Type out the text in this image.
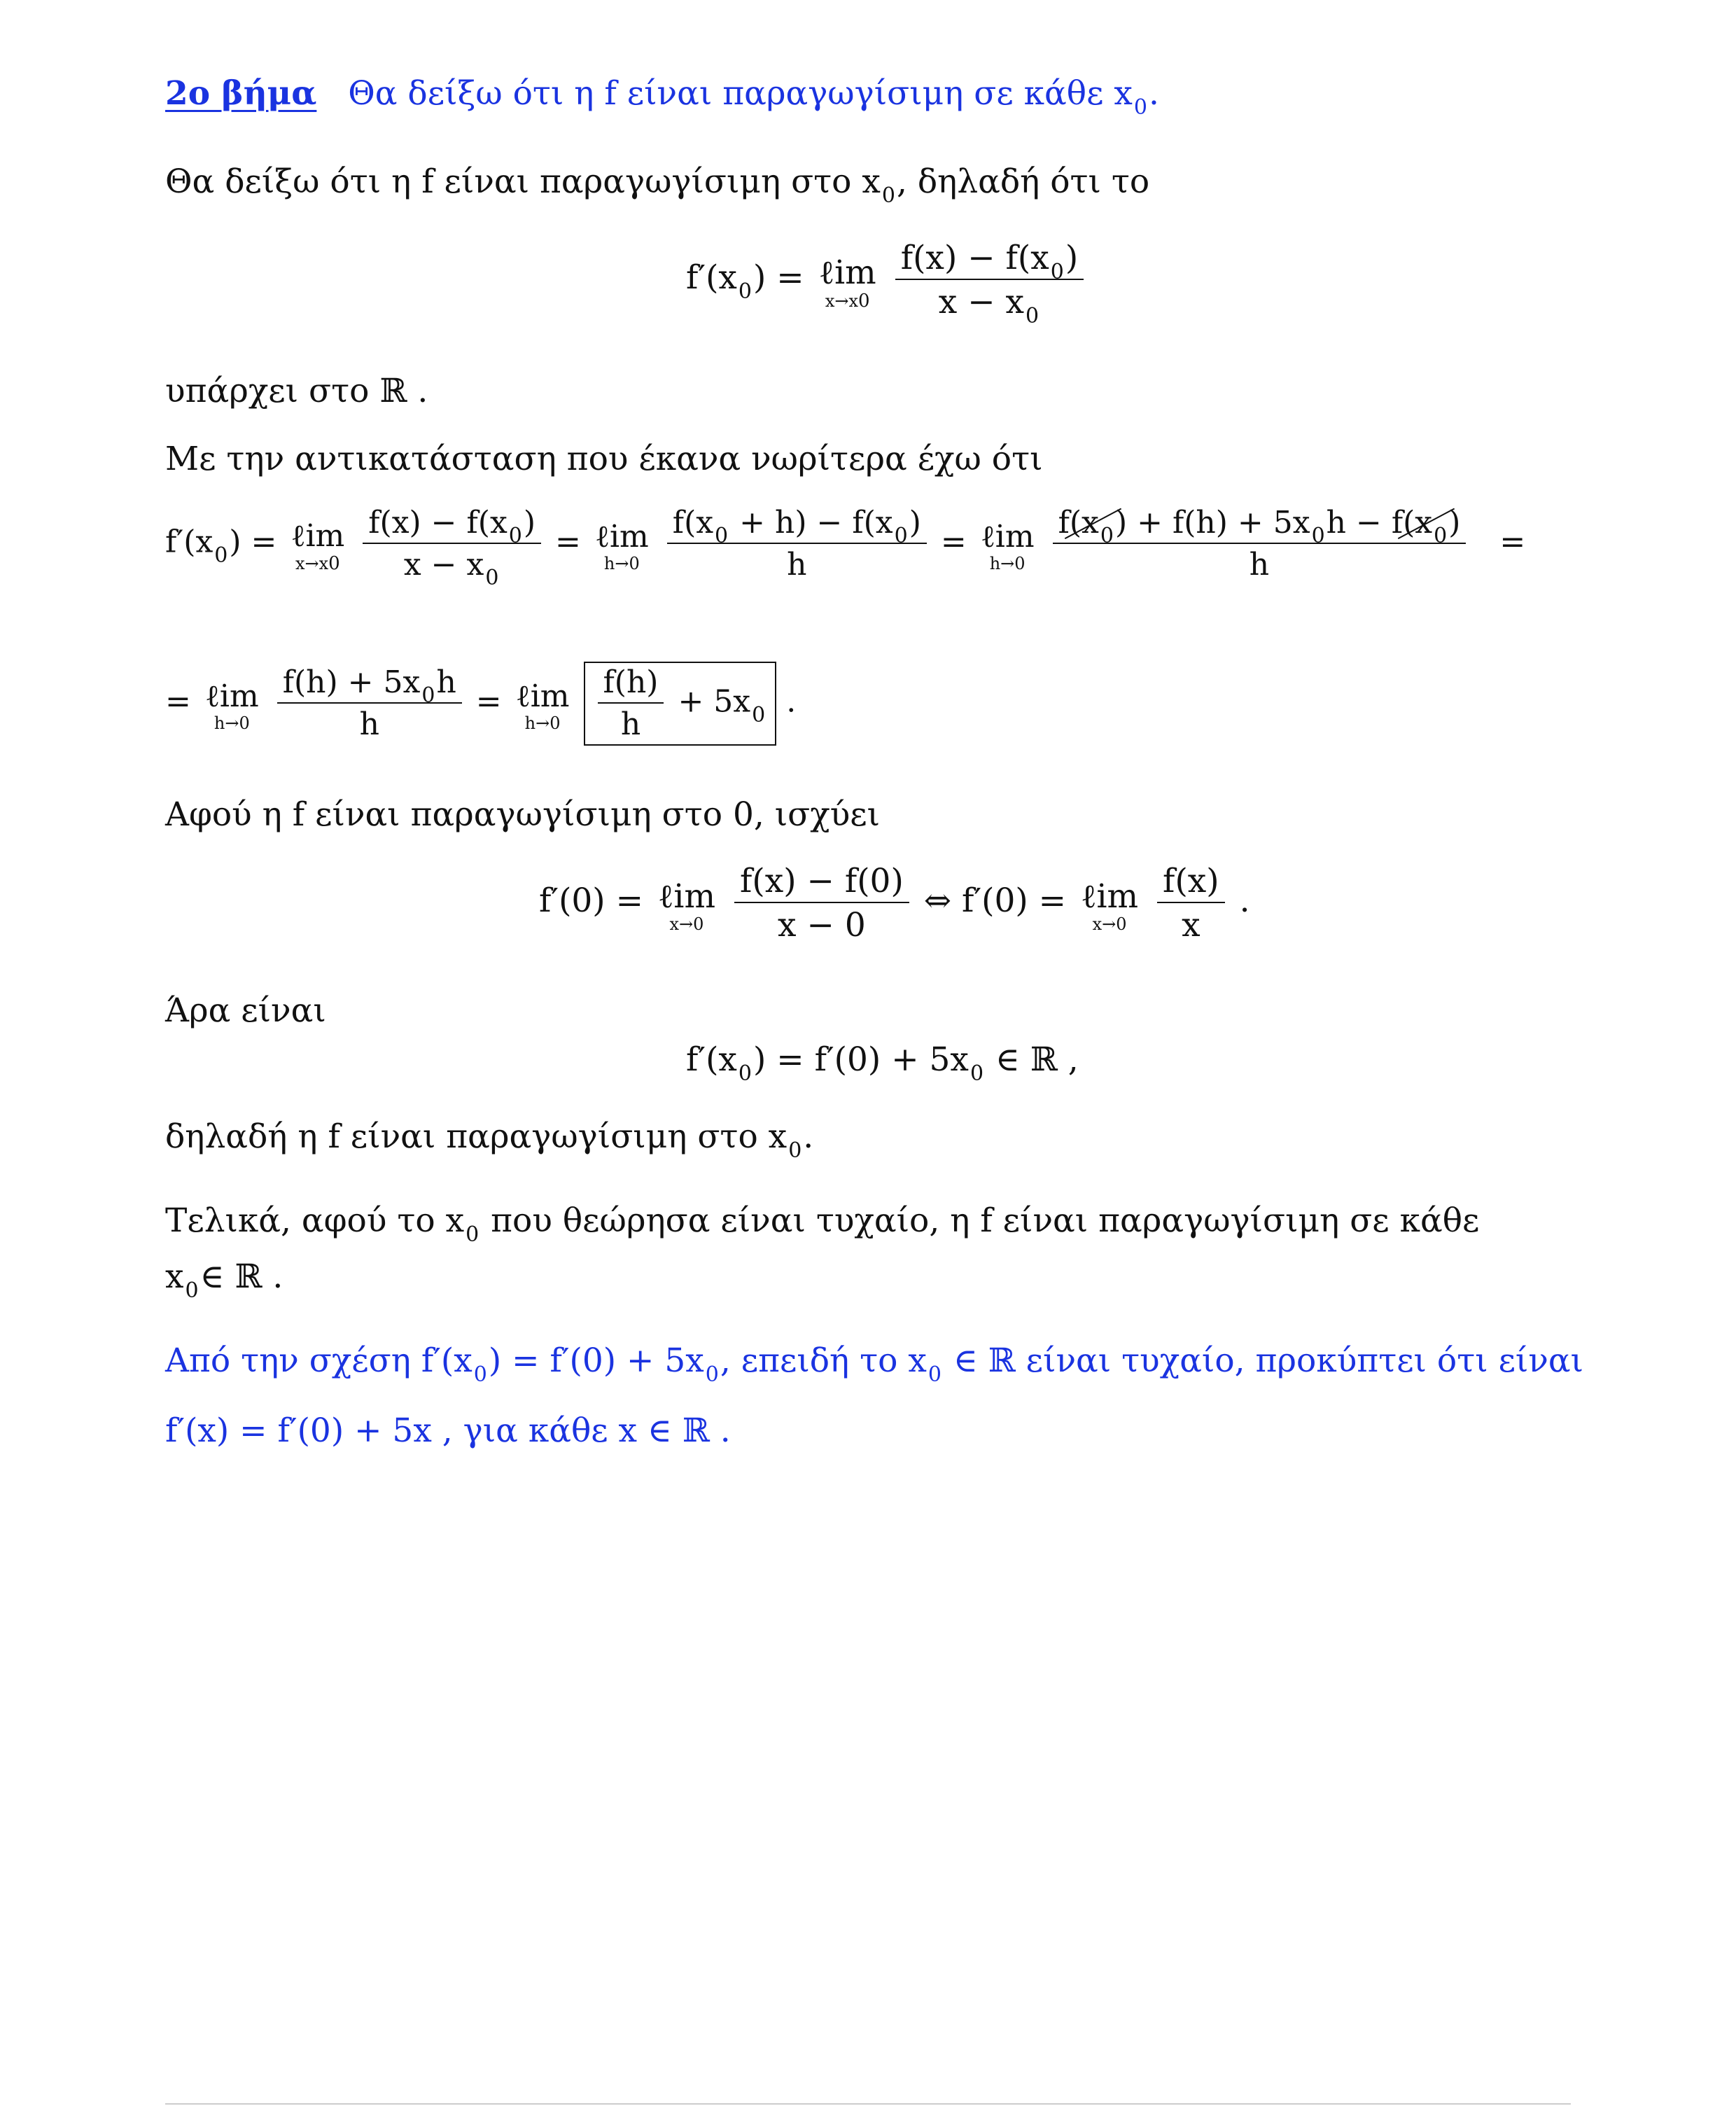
2ο βήμα Θα δείξω ότι η f είναι παραγωγίσιμη σε κάθε $x_0$.
Θα δείξω ότι η f είναι παραγωγίσιμη στο $x_0$, δηλαδή ότι το
$f'(x_0)$ = ℓim
x→x0
$\frac{f(x) - f(x_0)}{x - x_0}$
υπάρχει στο ℝ .
Με την αντικατάσταση που έκανα νωρίτερα έχω ότι
$f'(x_0)$ = ℓim
x→x0
$\frac{f(x) - f(x_0)}{x - x_0}$ = ℓim
h→0
$\frac{f(x_0 + h) - f(x_0)}{h}$ = ℓim
h→0
$\frac{f(x_0) + f(h) + 5x_0h - f(x_0)}{h}$ =
= ℓim
h→0
$\frac{f(h) + 5x_0h}{h}$ = ℓim
h→0
$\frac{f(h)}{h} + 5x_0$ .
Αφού η f είναι παραγωγίσιμη στο 0, ισχύει
f′(0) = ℓim
x→0
$\frac{f(x) - f(0)}{x - 0}$ ⇔ f′(0) = ℓim
x→0
$\frac{f(x)}{x}$ .
Άρα είναι
$f'(x_0) = f'(0) + 5x_0$ ∈ ℝ ,
δηλαδή η f είναι παραγωγίσιμη στο $x_0$.
Τελικά, αφού το $x_0$ που θεώρησα είναι τυχαίο, η f είναι παραγωγίσιμη σε κάθε
$x_0\in$ ℝ .
Από την σχέση $f'(x_0) = f'(0) + 5x_0$, επειδή το $x_0$ ∈ ℝ είναι τυχαίο, προκύπτει ότι είναι
f′(x) = f′(0) + 5x , για κάθε x ∈ ℝ .
